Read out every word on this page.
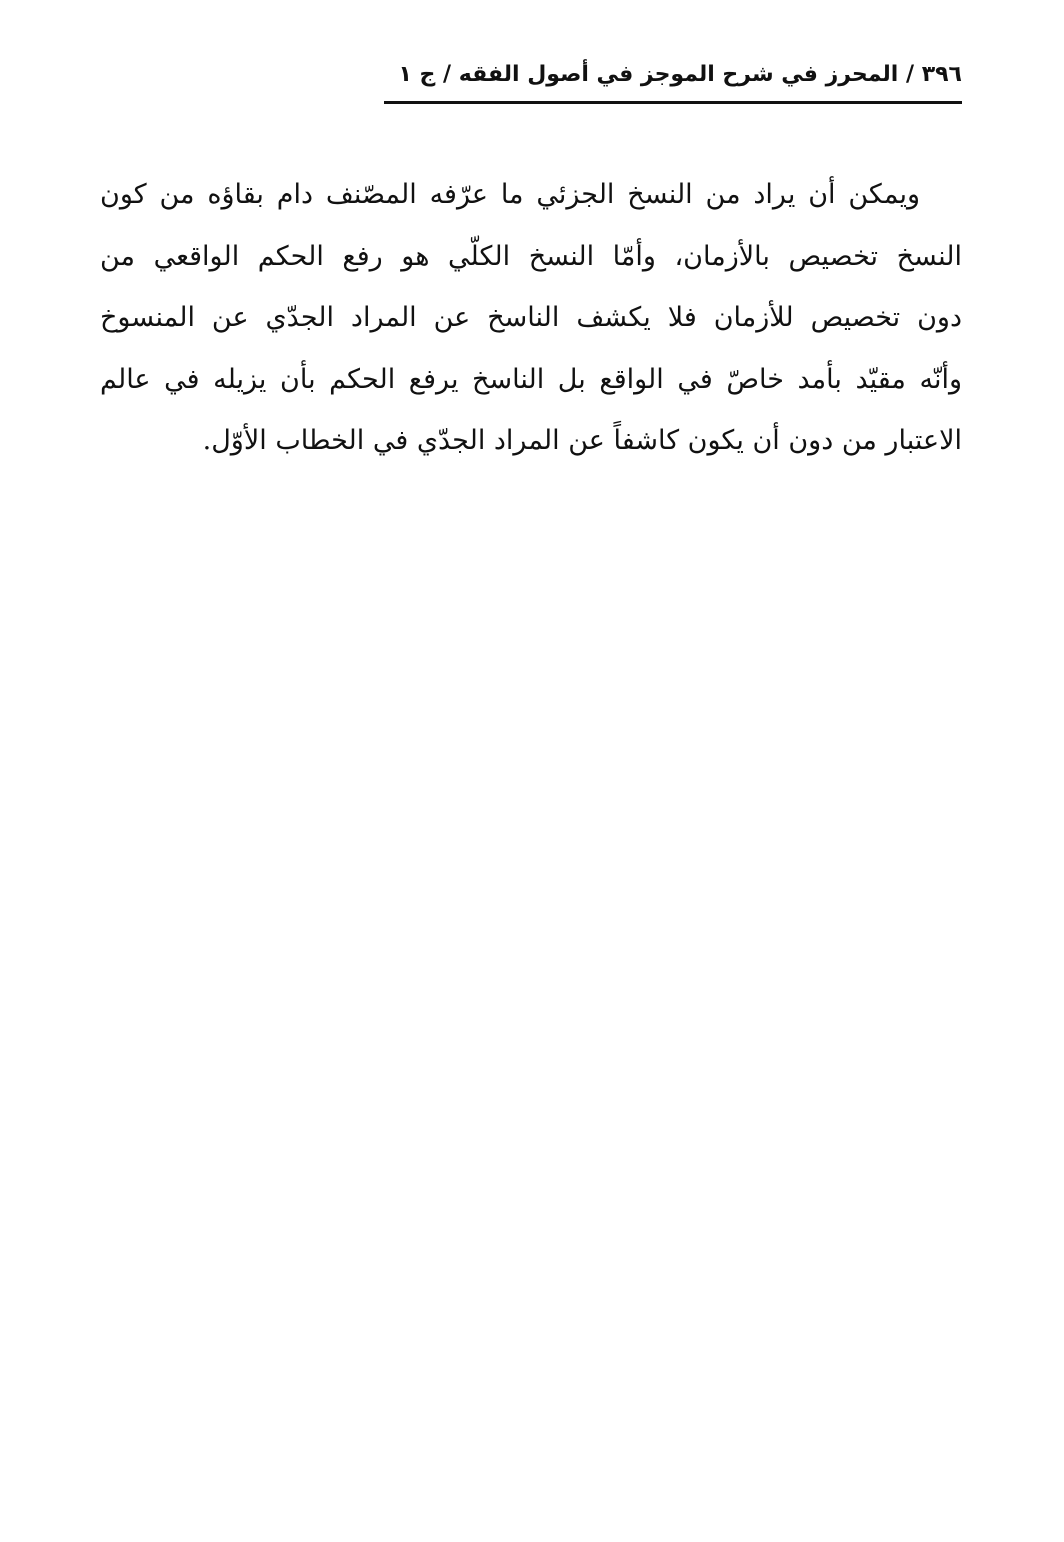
٣٩٦ / المحرز في شرح الموجز في أصول الفقه / ج ١
ويمكن أن يراد من النسخ الجزئي ما عرّفه المصّنف دام بقاؤه من كون
النسخ تخصيص بالأزمان، وأمّا النسخ الكلّي هو رفع الحكم الواقعي من
دون تخصيص للأزمان فلا يكشف الناسخ عن المراد الجدّي عن المنسوخ
وأنّه مقيّد بأمد خاصّ في الواقع بل الناسخ يرفع الحكم بأن يزيله في عالم
الاعتبار من دون أن يكون كاشفاً عن المراد الجدّي في الخطاب الأوّل.
